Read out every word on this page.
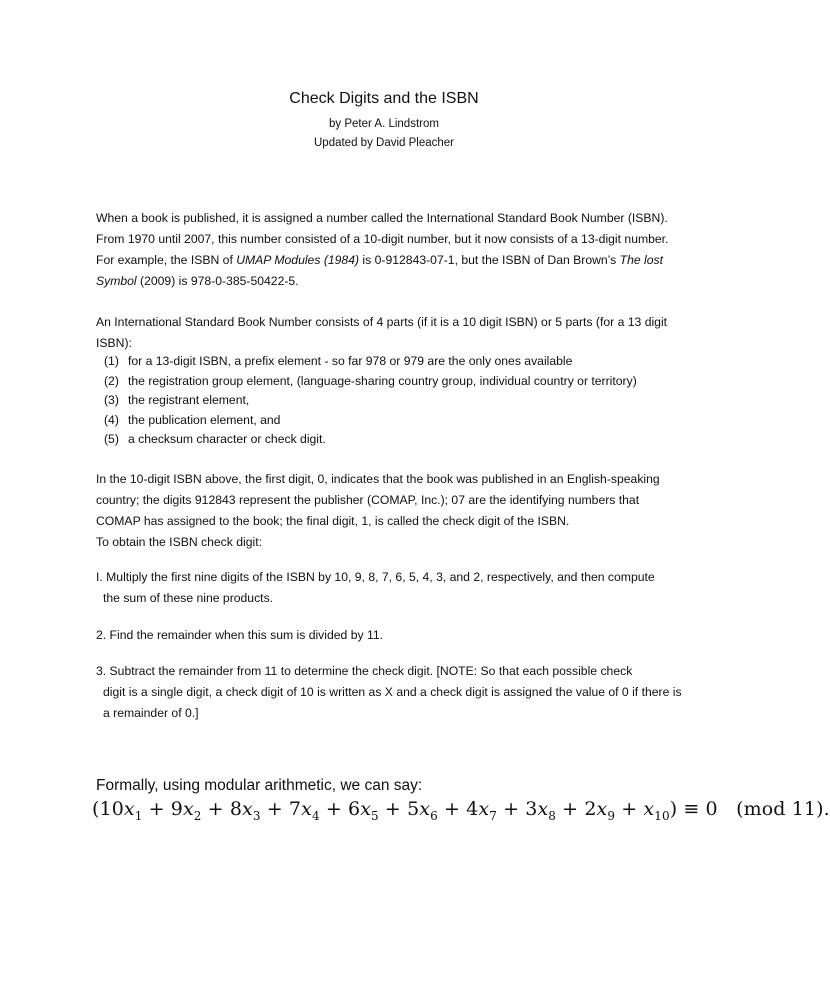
Check Digits and the ISBN
by Peter A. Lindstrom
Updated by David Pleacher

When a book is published, it is assigned a number called the International Standard Book Number (ISBN). From 1970 until 2007, this number consisted of a 10-digit number, but it now consists of a 13-digit number. For example, the ISBN of UMAP Modules (1984) is 0-912843-07-1, but the ISBN of Dan Brown’s The lost Symbol (2009) is 978-0-385-50422-5.

An International Standard Book Number consists of 4 parts (if it is a 10 digit ISBN) or 5 parts (for a 13 digit ISBN):

(1) for a 13-digit ISBN, a prefix element - so far 978 or 979 are the only ones available
(2) the registration group element, (language-sharing country group, individual country or territory)
(3) the registrant element,
(4) the publication element, and
(5) a checksum character or check digit.

In the 10-digit ISBN above, the first digit, 0, indicates that the book was published in an English-speaking country; the digits 912843 represent the publisher (COMAP, Inc.); 07 are the identifying numbers that COMAP has assigned to the book; the final digit, 1, is called the check digit of the ISBN.

To obtain the ISBN check digit:

I. Multiply the first nine digits of the ISBN by 10, 9, 8, 7, 6, 5, 4, 3, and 2, respectively, and then compute
the sum of these nine products.

2. Find the remainder when this sum is divided by 11.

3. Subtract the remainder from 11 to determine the check digit. [NOTE: So that each possible check
digit is a single digit, a check digit of 10 is written as X and a check digit is assigned the value of 0 if there is a remainder of 0.]

Formally, using modular arithmetic, we can say:
$(10x_1 + 9x_2 + 8x_3 + 7x_4 + 6x_5 + 5x_6 + 4x_7 + 3x_8 + 2x_9 + x_{10}) \equiv 0$   (mod 11).
